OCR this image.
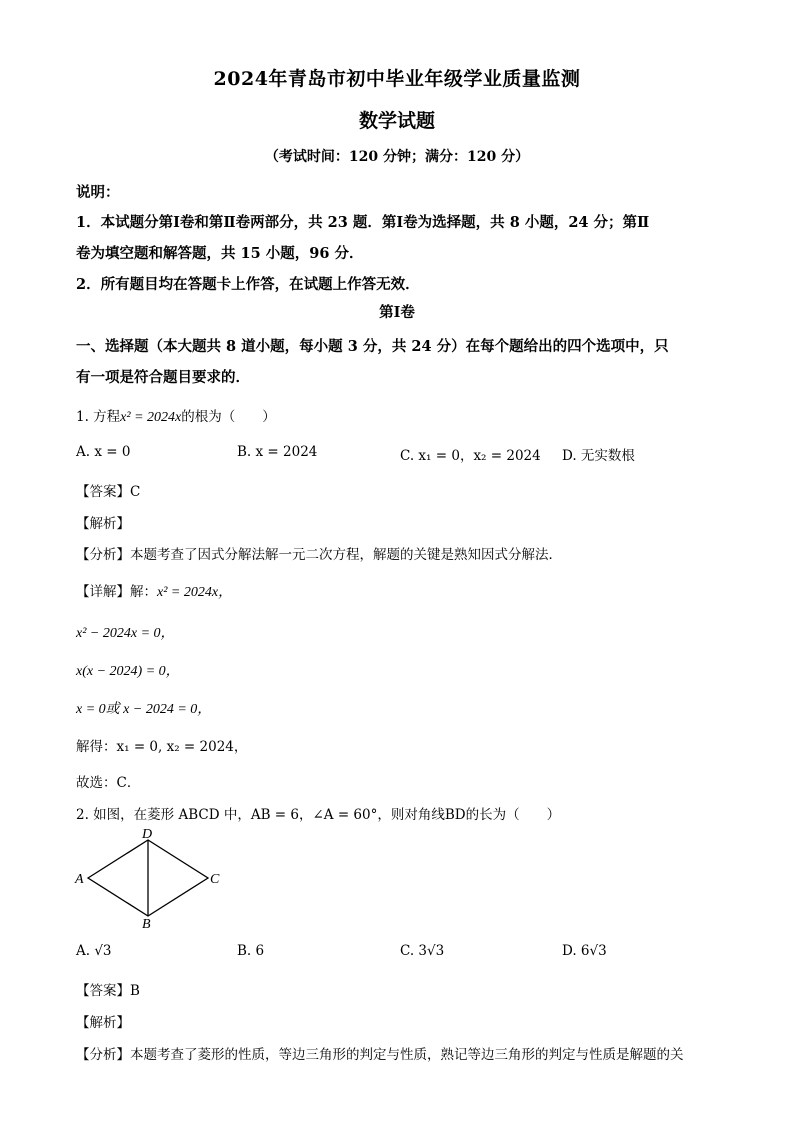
2024年青岛市初中毕业年级学业质量监测
数学试题
（考试时间：120 分钟；满分：120 分）
说明：
1．本试题分第Ⅰ卷和第Ⅱ卷两部分，共 23 题．第Ⅰ卷为选择题，共 8 小题，24 分；第Ⅱ
卷为填空题和解答题，共 15 小题，96 分．
2．所有题目均在答题卡上作答，在试题上作答无效．
第Ⅰ卷
一、选择题（本大题共 8 道小题，每小题 3 分，共 24 分）在每个题给出的四个选项中，只
有一项是符合题目要求的．
1. 方程x² = 2024x的根为（　　）
A. x = 0	B. x = 2024	C. x₁ = 0，x₂ = 2024 D. 无实数根
【答案】C
【解析】
【分析】本题考查了因式分解法解一元二次方程，解题的关键是熟知因式分解法．
【详解】解：x² = 2024x，
x² − 2024x = 0，
x(x − 2024) = 0，
x = 0或 x − 2024 = 0，
解得：x₁ = 0, x₂ = 2024，
故选：C．
2. 如图，在菱形 ABCD 中，AB = 6，∠A = 60°，则对角线BD的长为（　　）
A
D
C
B
A. √3	B. 6	C. 3√3	D. 6√3
【答案】B
【解析】
【分析】本题考查了菱形的性质，等边三角形的判定与性质，熟记等边三角形的判定与性质是解题的关
